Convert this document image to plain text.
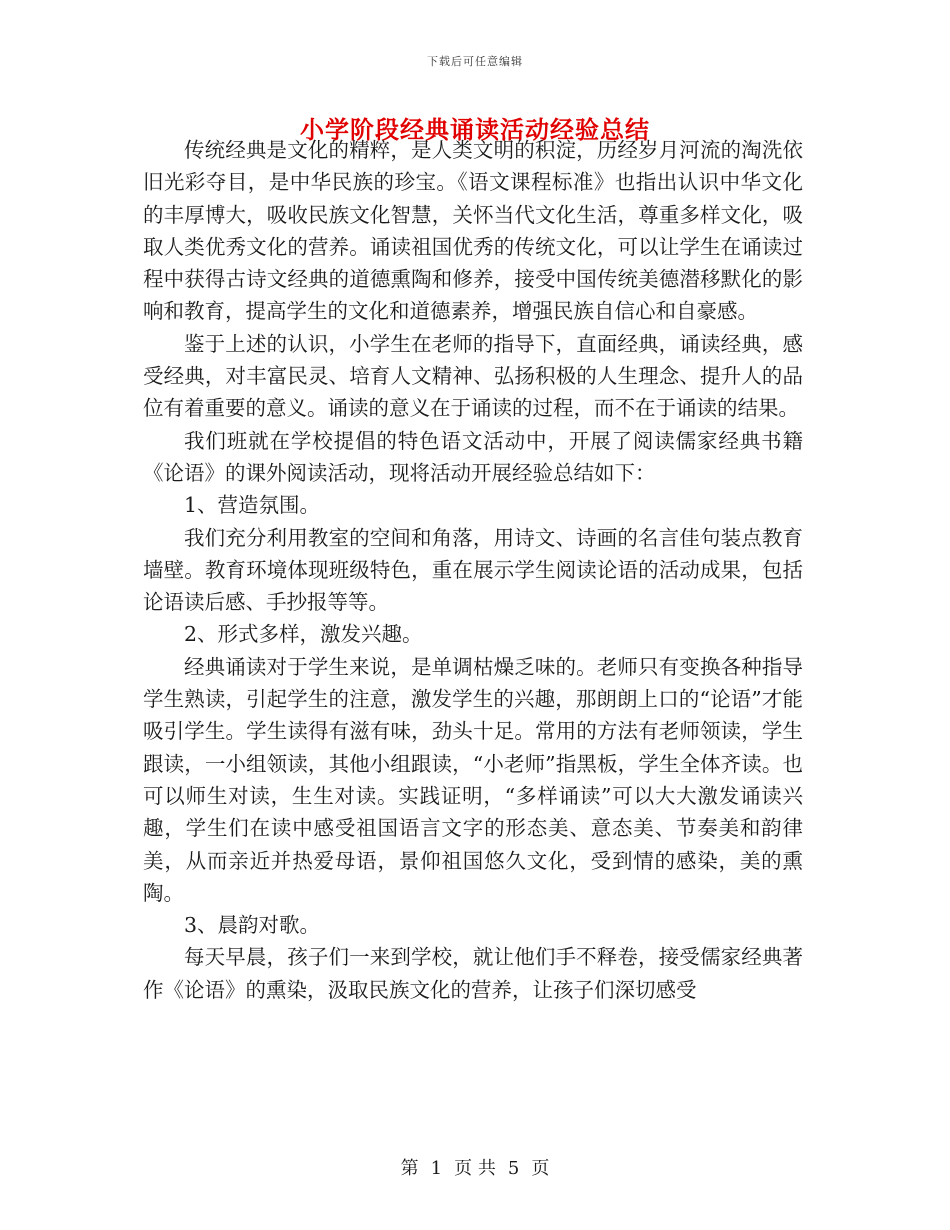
下载后可任意编辑
小学阶段经典诵读活动经验总结

传统经典是文化的精粹，是人类文明的积淀，历经岁月河流的淘洗依旧光彩夺目，是中华民族的珍宝。《语文课程标准》也指出认识中华文化的丰厚博大，吸收民族文化智慧，关怀当代文化生活，尊重多样文化，吸取人类优秀文化的营养。诵读祖国优秀的传统文化，可以让学生在诵读过程中获得古诗文经典的道德熏陶和修养，接受中国传统美德潜移默化的影响和教育，提高学生的文化和道德素养，增强民族自信心和自豪感。

鉴于上述的认识，小学生在老师的指导下，直面经典，诵读经典，感受经典，对丰富民灵、培育人文精神、弘扬积极的人生理念、提升人的品位有着重要的意义。诵读的意义在于诵读的过程，而不在于诵读的结果。

我们班就在学校提倡的特色语文活动中，开展了阅读儒家经典书籍《论语》的课外阅读活动，现将活动开展经验总结如下：

1、营造氛围。

我们充分利用教室的空间和角落，用诗文、诗画的名言佳句装点教育墙壁。教育环境体现班级特色，重在展示学生阅读论语的活动成果，包括论语读后感、手抄报等等。

2、形式多样，激发兴趣。

经典诵读对于学生来说，是单调枯燥乏味的。老师只有变换各种指导学生熟读，引起学生的注意，激发学生的兴趣，那朗朗上口的“论语”才能吸引学生。学生读得有滋有味，劲头十足。常用的方法有老师领读，学生跟读，一小组领读，其他小组跟读，“小老师”指黑板，学生全体齐读。也可以师生对读，生生对读。实践证明，“多样诵读”可以大大激发诵读兴趣，学生们在读中感受祖国语言文字的形态美、意态美、节奏美和韵律美，从而亲近并热爱母语，景仰祖国悠久文化，受到情的感染，美的熏陶。

3、晨韵对歌。

每天早晨，孩子们一来到学校，就让他们手不释卷，接受儒家经典著作《论语》的熏染，汲取民族文化的营养，让孩子们深切感受

第 1 页 共 5 页
